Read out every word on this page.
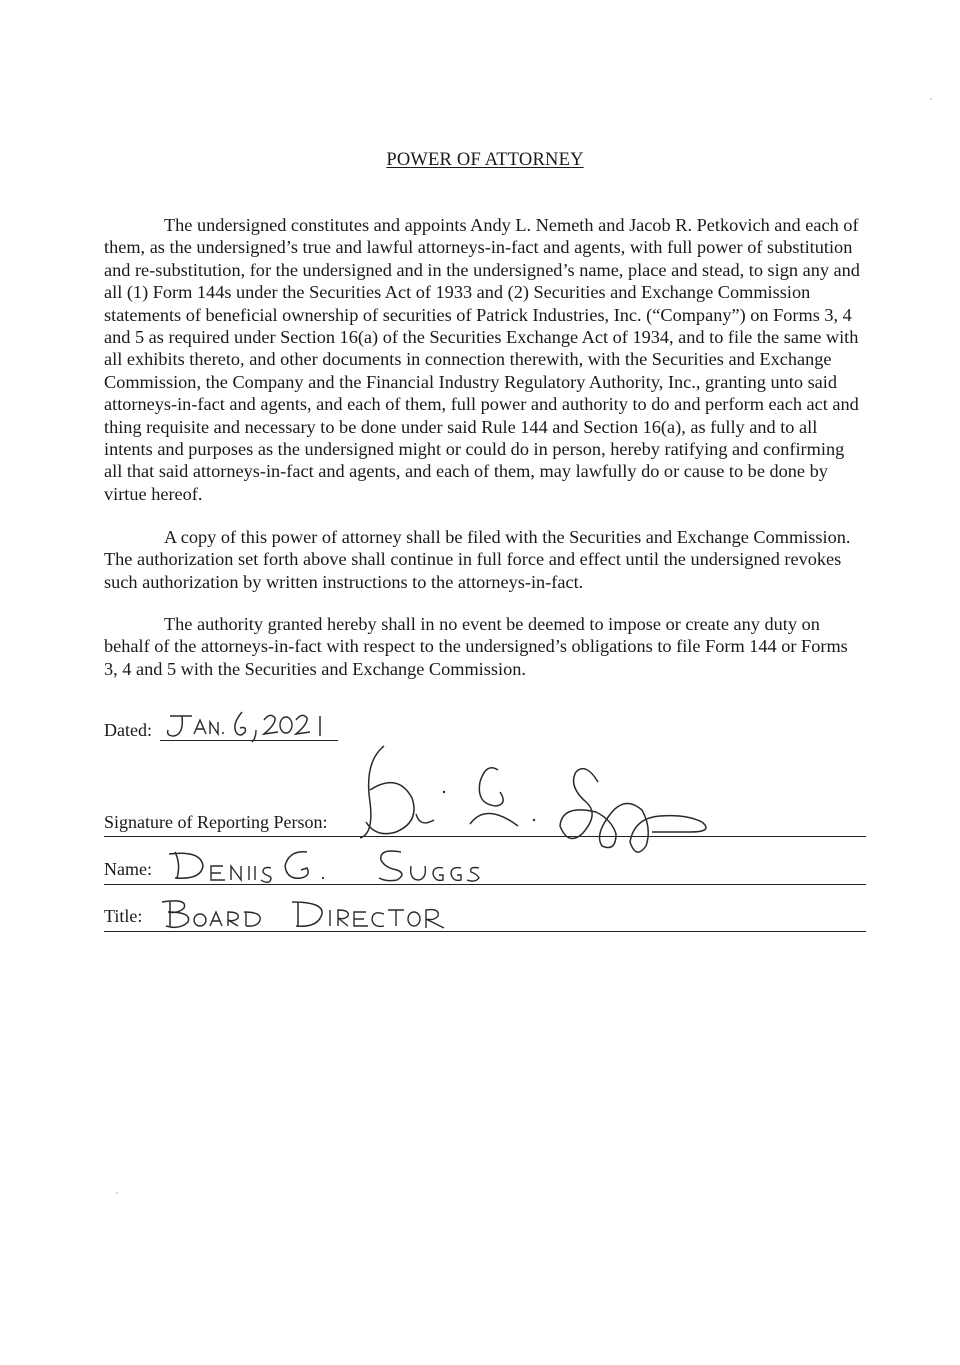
POWER OF ATTORNEY

The undersigned constitutes and appoints Andy L. Nemeth and Jacob R. Petkovich and each of them, as the undersigned’s true and lawful attorneys-in-fact and agents, with full power of substitution and re-substitution, for the undersigned and in the undersigned’s name, place and stead, to sign any and all (1) Form 144s under the Securities Act of 1933 and (2) Securities and Exchange Commission statements of beneficial ownership of securities of Patrick Industries, Inc. (“Company”) on Forms 3, 4 and 5 as required under Section 16(a) of the Securities Exchange Act of 1934, and to file the same with all exhibits thereto, and other documents in connection therewith, with the Securities and Exchange Commission, the Company and the Financial Industry Regulatory Authority, Inc., granting unto said attorneys-in-fact and agents, and each of them, full power and authority to do and perform each act and thing requisite and necessary to be done under said Rule 144 and Section 16(a), as fully and to all intents and purposes as the undersigned might or could do in person, hereby ratifying and confirming all that said attorneys-in-fact and agents, and each of them, may lawfully do or cause to be done by virtue hereof.

A copy of this power of attorney shall be filed with the Securities and Exchange Commission. The authorization set forth above shall continue in full force and effect until the undersigned revokes such authorization by written instructions to the attorneys-in-fact.

The authority granted hereby shall in no event be deemed to impose or create any duty on behalf of the attorneys-in-fact with respect to the undersigned’s obligations to file Form 144 or Forms 3, 4 and 5 with the Securities and Exchange Commission.

Dated:
Signature of Reporting Person:
Name:
Title:
